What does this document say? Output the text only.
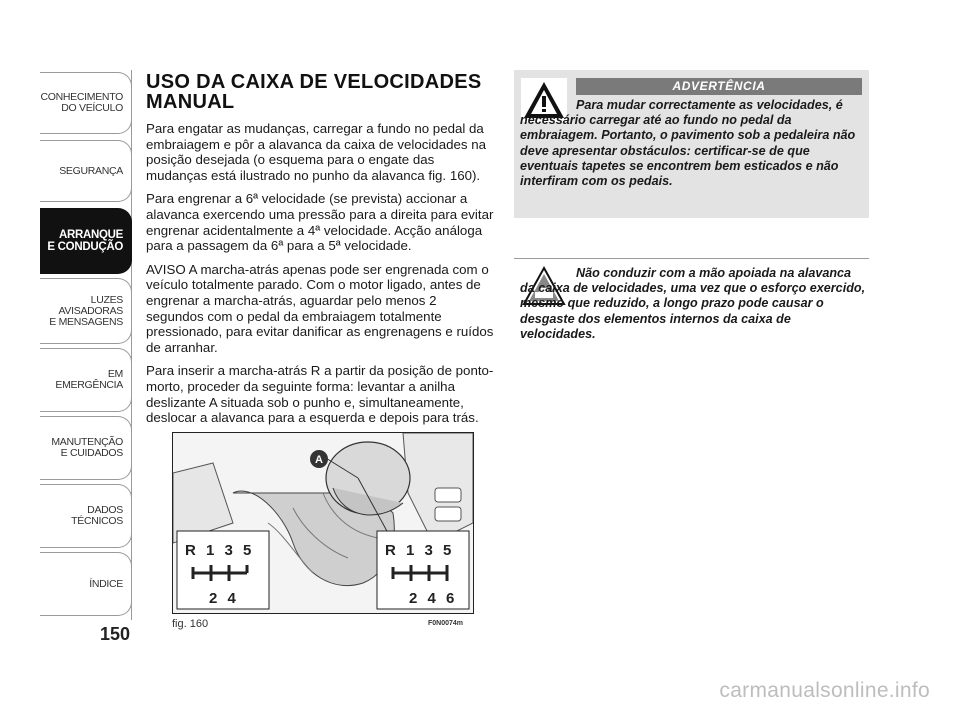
CONHECIMENTO
DO VEÍCULO
SEGURANÇA
ARRANQUE
E CONDUÇÃO
LUZES
AVISADORAS
E MENSAGENS
EM EMERGÊNCIA
MANUTENÇÃO
E CUIDADOS
DADOS
TÉCNICOS
ÍNDICE
150
USO DA CAIXA DE VELOCIDADES
MANUAL

Para engatar as mudanças, carregar a fundo no pedal da embraiagem e pôr a alavanca da caixa de velocidades na posição desejada (o esquema para o engate das mudanças está ilustrado no punho da alavanca fig. 160).

Para engrenar a 6ª velocidade (se prevista) accionar a alavanca exercendo uma pressão para a direita para evitar engrenar acidentalmente a 4ª velocidade. Acção análoga para a passagem da 6ª para a 5ª velocidade.

AVISO A marcha-atrás apenas pode ser engrenada com o veículo totalmente parado. Com o motor ligado, antes de engrenar a marcha-atrás, aguardar pelo menos 2 segundos com o pedal da embraiagem totalmente pressionado, para evitar danificar as engrenagens e ruídos de arranhar.

Para inserir a marcha-atrás R a partir da posição de ponto-morto, proceder da seguinte forma: levantar a anilha deslizante A situada sob o punho e, simultaneamente, deslocar a alavanca para a esquerda e depois para trás.

A
R 1 3 5
2 4
R 1 3 5
2 4 6
fig. 160	F0N0074m
ADVERTÊNCIA
Para mudar correctamente as velocidades, é necessário carregar até ao fundo no pedal da embraiagem. Portanto, o pavimento sob a pedaleira não deve apresentar obstáculos: certificar-se de que eventuais tapetes se encontrem bem esticados e não interfiram com os pedais.
Não conduzir com a mão apoiada na alavanca da caixa de velocidades, uma vez que o esforço exercido, mesmo que reduzido, a longo prazo pode causar o desgaste dos elementos internos da caixa de velocidades.
carmanualsonline.info
